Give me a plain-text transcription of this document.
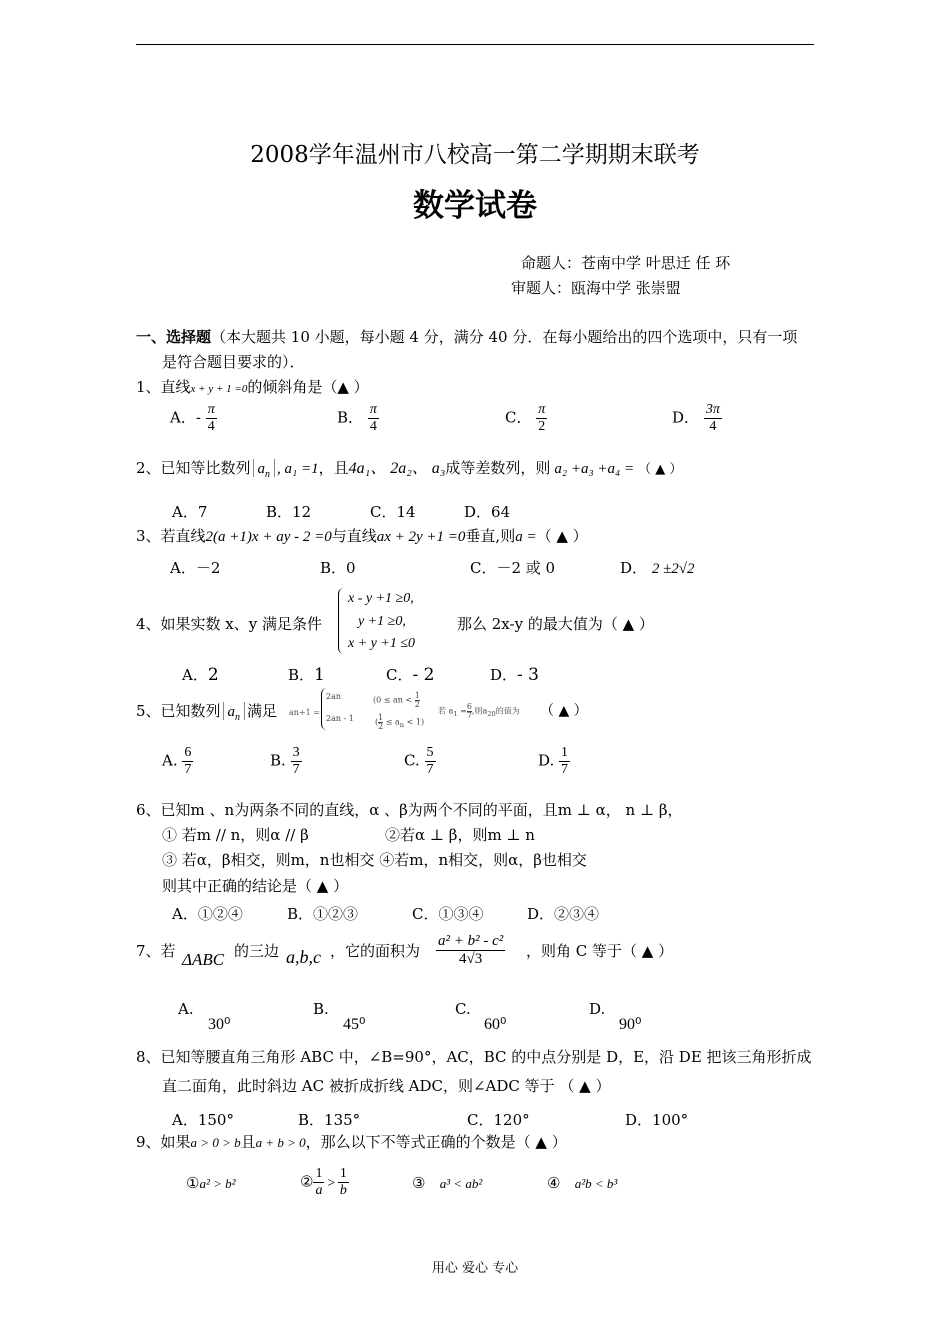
2008学年温州市八校高一第二学期期末联考
数学试卷
命题人：苍南中学 叶思迁 任 环
审题人：瓯海中学 张崇盟
一、选择题（本大题共 10 小题，每小题 4 分，满分 40 分．在每小题给出的四个选项中，只有一项
是符合题目要求的）．
1、直线x + y + 1 =0的倾斜角是（▲ ）
A．- $\frac{\pi}{4}$	B． $\frac{\pi}{4}$	C． $\frac{\pi}{2}$	D． $\frac{3\pi}{4}$
2、已知等比数列 $a_n$ , a₁ =1，且4a₁、 2a₂、 a₃成等差数列，则 a₂ +a₃ +a₄ = （ ▲ ）
A．7	B．12	C．14	D．64
3、若直线2(a +1)x + ay - 2 =0与直线ax + 2y +1 =0垂直,则a =（ ▲ ）
A．－2	B．0	C．－2 或 0	D． 2 ±2√2
4、如果实数 x、y 满足条件
x - y +1 ≥0,
y +1 ≥0,
x + y +1 ≤0
那么 2x-y 的最大值为（ ▲ ）
A．2	B．1	C．- 2	D．- 3
5、已知数列 $a_n$ 满足 an+1 =
2an	(0 ≤ an < $\frac{1}{2}$
2an - 1	( $\frac{1}{2} \le a_n < 1$)
若 $a_1 = \frac{6}{7}$ ,则$a_{20}$的值为 （ ▲ ）
A. $\frac{6}{7}$	B. $\frac{3}{7}$	C. $\frac{5}{7}$	D. $\frac{1}{7}$
6、已知m 、n为两条不同的直线，α 、β为两个不同的平面，且m ⊥ α， n ⊥ β，
① 若m // n，则α // β	②若α ⊥ β，则m ⊥ n
③ 若α，β相交，则m，n也相交 ④若m，n相交，则α，β也相交
则其中正确的结论是（ ▲ ）
A．①②④	B．①②③	C．①③④	D．②③④
7、若 ΔABC 的三边 a,b,c ，它的面积为 $\frac{\text{a² + b² - c²}}{4√3}$ ，则角 C 等于（ ▲ ）
A.
30⁰
B.
45⁰
C.
60⁰
D.
90⁰
8、已知等腰直角三角形 ABC 中，∠B=90°，AC，BC 的中点分别是 D，E，沿 DE 把该三角形折成
直二面角，此时斜边 AC 被折成折线 ADC，则∠ADC 等于 （ ▲ ）
A．150°	B．135°	C．120°	D．100°
9、如果a > 0 > b且a + b > 0，那么以下不等式正确的个数是（ ▲ ）
①a² > b²	② $\frac{1}{a} > \frac{1}{b}$	③ a³ < ab²	④ a²b < b³
用心 爱心 专心
